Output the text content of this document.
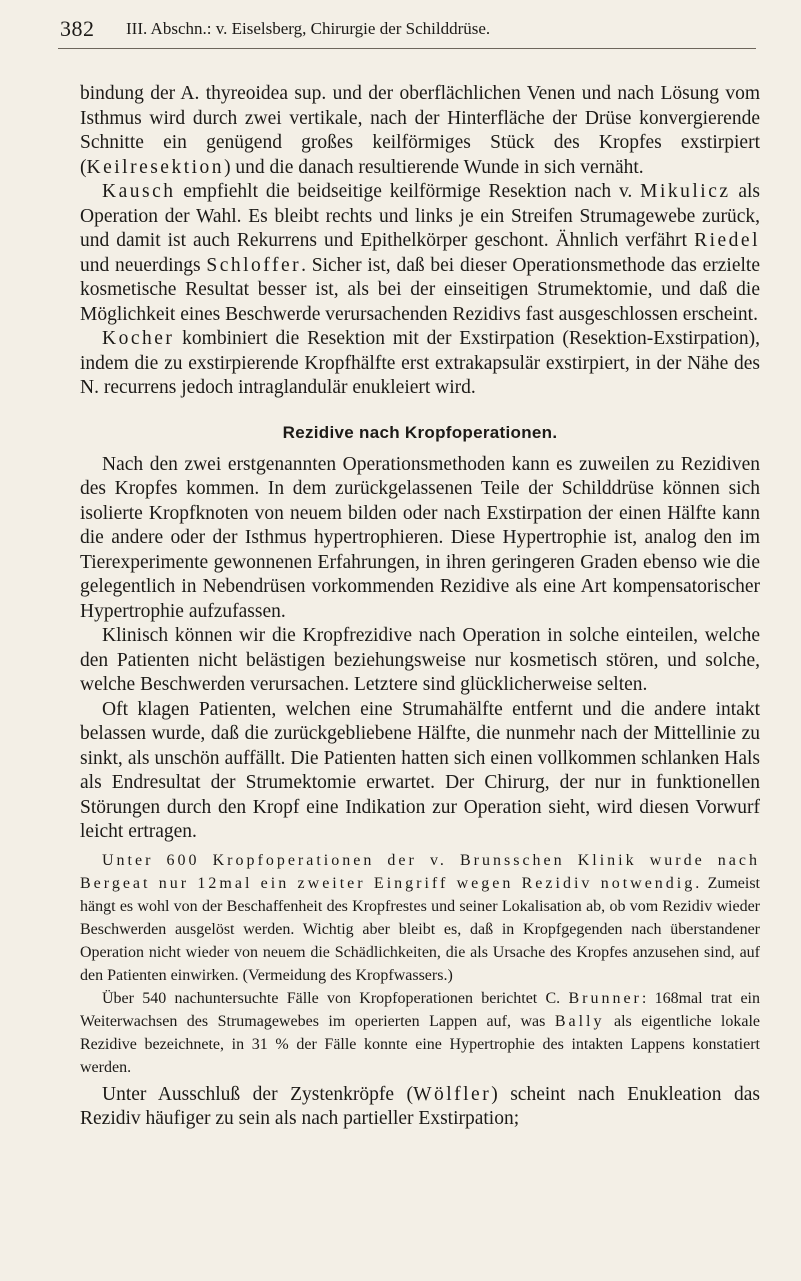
382 III. Abschn.: v. Eiselsberg, Chirurgie der Schilddrüse.

bindung der A. thyreoidea sup. und der oberflächlichen Venen und nach Lösung vom Isthmus wird durch zwei vertikale, nach der Hinterfläche der Drüse konvergierende Schnitte ein genügend großes keilförmiges Stück des Kropfes exstirpiert (Keilresektion) und die danach resultierende Wunde in sich vernäht.

Kausch empfiehlt die beidseitige keilförmige Resektion nach v. Mikulicz als Operation der Wahl. Es bleibt rechts und links je ein Streifen Strumagewebe zurück, und damit ist auch Rekurrens und Epithelkörper geschont. Ähnlich verfährt Riedel und neuerdings Schloffer. Sicher ist, daß bei dieser Operationsmethode das erzielte kosmetische Resultat besser ist, als bei der einseitigen Strumektomie, und daß die Möglichkeit eines Beschwerde verursachenden Rezidivs fast ausgeschlossen erscheint.

Kocher kombiniert die Resektion mit der Exstirpation (Resektion-Exstirpation), indem die zu exstirpierende Kropfhälfte erst extrakapsulär exstirpiert, in der Nähe des N. recurrens jedoch intraglandulär enukleiert wird.

Rezidive nach Kropfoperationen.

Nach den zwei erstgenannten Operationsmethoden kann es zuweilen zu Rezidiven des Kropfes kommen. In dem zurückgelassenen Teile der Schilddrüse können sich isolierte Kropfknoten von neuem bilden oder nach Exstirpation der einen Hälfte kann die andere oder der Isthmus hypertrophieren. Diese Hypertrophie ist, analog den im Tierexperimente gewonnenen Erfahrungen, in ihren geringeren Graden ebenso wie die gelegentlich in Nebendrüsen vorkommenden Rezidive als eine Art kompensatorischer Hypertrophie aufzufassen.

Klinisch können wir die Kropfrezidive nach Operation in solche einteilen, welche den Patienten nicht belästigen beziehungsweise nur kosmetisch stören, und solche, welche Beschwerden verursachen. Letztere sind glücklicherweise selten.

Oft klagen Patienten, welchen eine Strumahälfte entfernt und die andere intakt belassen wurde, daß die zurückgebliebene Hälfte, die nunmehr nach der Mittellinie zu sinkt, als unschön auffällt. Die Patienten hatten sich einen vollkommen schlanken Hals als Endresultat der Strumektomie erwartet. Der Chirurg, der nur in funktionellen Störungen durch den Kropf eine Indikation zur Operation sieht, wird diesen Vorwurf leicht ertragen.

Unter 600 Kropfoperationen der v. Brunsschen Klinik wurde nach Bergeat nur 12mal ein zweiter Eingriff wegen Rezidiv notwendig. Zumeist hängt es wohl von der Beschaffenheit des Kropfrestes und seiner Lokalisation ab, ob vom Rezidiv wieder Beschwerden ausgelöst werden. Wichtig aber bleibt es, daß in Kropfgegenden nach überstandener Operation nicht wieder von neuem die Schädlichkeiten, die als Ursache des Kropfes anzusehen sind, auf den Patienten einwirken. (Vermeidung des Kropfwassers.)

Über 540 nachuntersuchte Fälle von Kropfoperationen berichtet C. Brunner: 168mal trat ein Weiterwachsen des Strumagewebes im operierten Lappen auf, was Bally als eigentliche lokale Rezidive bezeichnete, in 31 % der Fälle konnte eine Hypertrophie des intakten Lappens konstatiert werden.

Unter Ausschluß der Zystenkröpfe (Wölfler) scheint nach Enukleation das Rezidiv häufiger zu sein als nach partieller Exstirpation;
